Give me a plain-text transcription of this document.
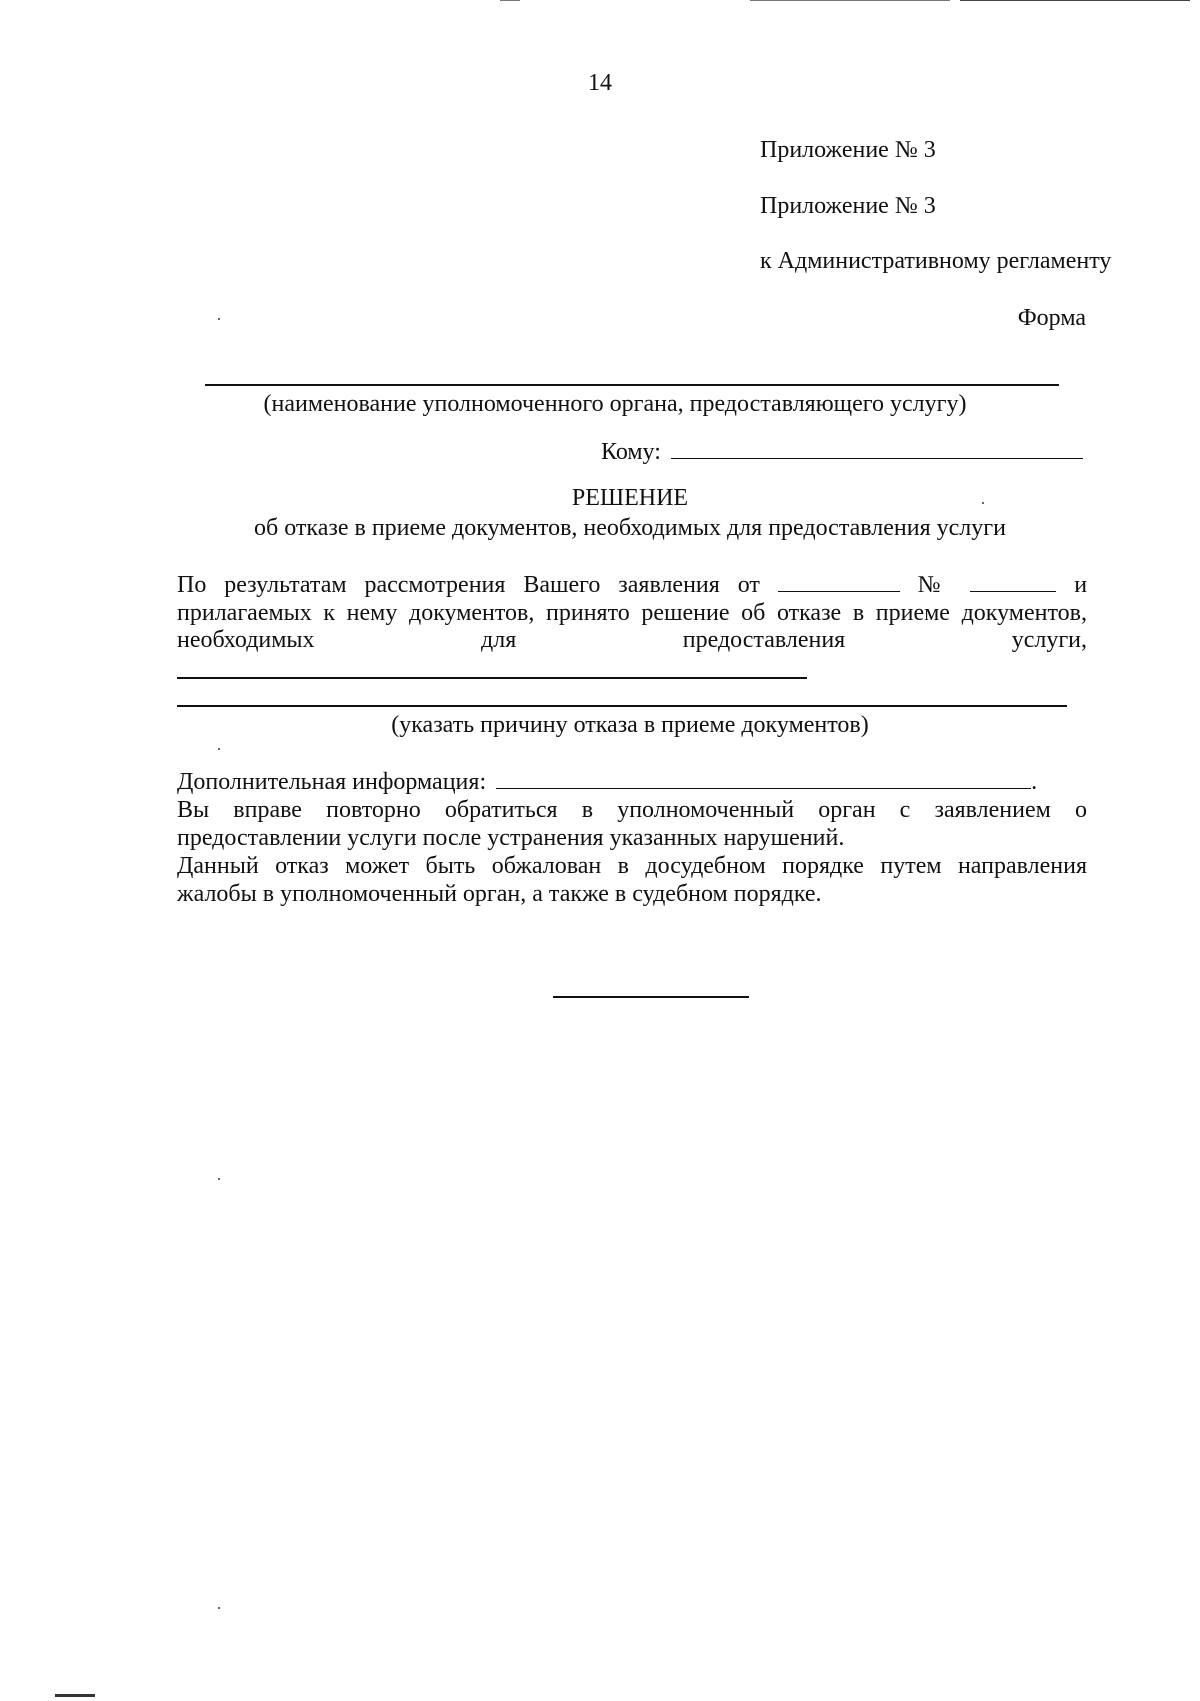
14
Приложение № 3
Приложение № 3
к Административному регламенту
Форма
(наименование уполномоченного органа, предоставляющего услугу)
Кому:
РЕШЕНИЕ
об отказе в приеме документов, необходимых для предоставления услуги
По результатам рассмотрения Вашего заявления от	№	и
прилагаемых к нему документов, принято решение об отказе в приеме документов,
необходимых	для	предоставления	услуги,
(указать причину отказа в приеме документов)
Дополнительная информация:	.
Вы вправе повторно обратиться в уполномоченный орган с заявлением о
предоставлении услуги после устранения указанных нарушений.
Данный отказ может быть обжалован в досудебном порядке путем направления
жалобы в уполномоченный орган, а также в судебном порядке.
